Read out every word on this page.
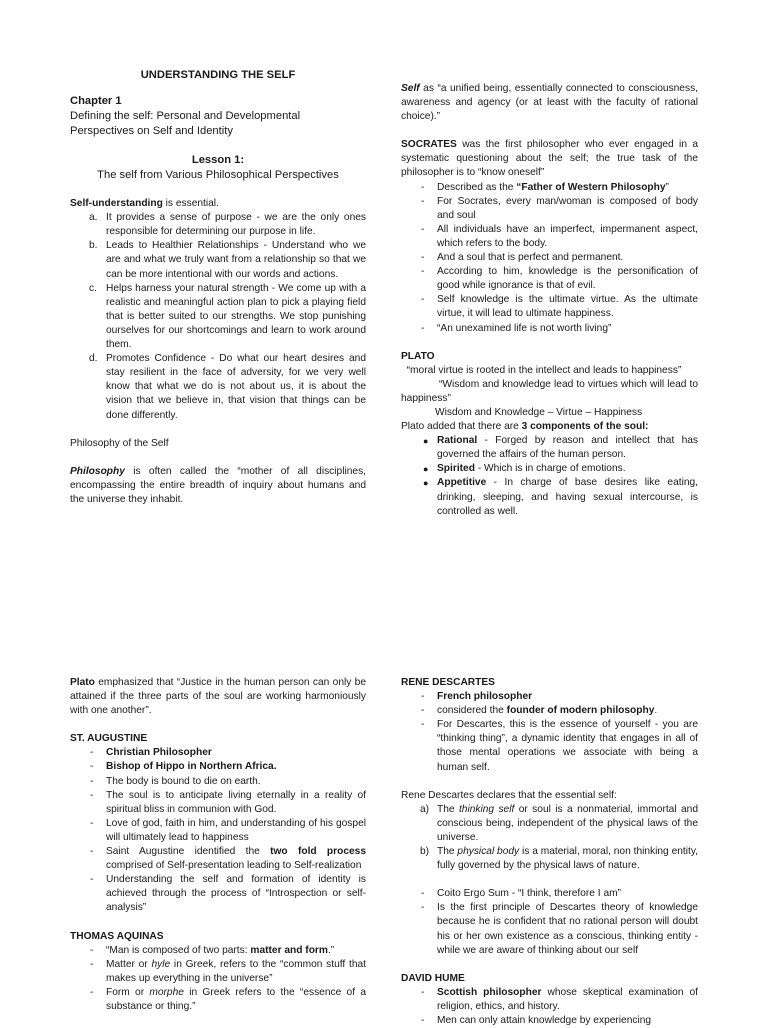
UNDERSTANDING THE SELF

Chapter 1

Defining the self: Personal and Developmental Perspectives on Self and Identity

Lesson 1:

The self from Various Philosophical Perspectives

Self-understanding is essential.

a. It provides a sense of purpose - we are the only ones responsible for determining our purpose in life.
b. Leads to Healthier Relationships - Understand who we are and what we truly want from a relationship so that we can be more intentional with our words and actions.
c. Helps harness your natural strength - We come up with a realistic and meaningful action plan to pick a playing field that is better suited to our strengths. We stop punishing ourselves for our shortcomings and learn to work around them.
d. Promotes Confidence - Do what our heart desires and stay resilient in the face of adversity, for we very well know that what we do is not about us, it is about the vision that we believe in, that vision that things can be done differently.

Philosophy of the Self

Philosophy is often called the “mother of all disciplines, encompassing the entire breadth of inquiry about humans and the universe they inhabit.

Self as “a unified being, essentially connected to consciousness, awareness and agency (or at least with the faculty of rational choice).”

SOCRATES was the first philosopher who ever engaged in a systematic questioning about the self; the true task of the philosopher is to “know oneself”

- Described as the “Father of Western Philosophy”
- For Socrates, every man/woman is composed of body and soul
- All individuals have an imperfect, impermanent aspect, which refers to the body.
- And a soul that is perfect and permanent.
- According to him, knowledge is the personification of good while ignorance is that of evil.
- Self knowledge is the ultimate virtue. As the ultimate virtue, it will lead to ultimate happiness.
- “An unexamined life is not worth living”

PLATO  “moral virtue is rooted in the intellect and leads to happiness”

“Wisdom and knowledge lead to virtues which will lead to happiness”

Wisdom and Knowledge – Virtue – Happiness

Plato added that there are 3 components of the soul:

● Rational - Forged by reason and intellect that has governed the affairs of the human person.
● Spirited - Which is in charge of emotions.
● Appetitive - In charge of base desires like eating, drinking, sleeping, and having sexual intercourse, is controlled as well.

Plato emphasized that “Justice in the human person can only be attained if the three parts of the soul are working harmoniously with one another”.

ST. AUGUSTINE

- Christian Philosopher
- Bishop of Hippo in Northern Africa.
- The body is bound to die on earth.
- The soul is to anticipate living eternally in a reality of spiritual bliss in communion with God.
- Love of god, faith in him, and understanding of his gospel will ultimately lead to happiness
- Saint Augustine identified the two fold process comprised of Self-presentation leading to Self-realization
- Understanding the self and formation of identity is achieved through the process of “Introspection or self-analysis”

THOMAS AQUINAS

- “Man is composed of two parts: matter and form.”
- Matter or hyle in Greek, refers to the “common stuff that makes up everything in the universe”
- Form or morphe in Greek refers to the “essence of a substance or thing.”

RENE DESCARTES

- French philosopher
- considered the founder of modern philosophy.
- For Descartes, this is the essence of yourself - you are “thinking thing”, a dynamic identity that engages in all of those mental operations we associate with being a human self.

Rene Descartes declares that the essential self:

a) The thinking self or soul is a nonmaterial, immortal and conscious being, independent of the physical laws of the universe.
b) The physical body is a material, moral, non thinking entity, fully governed by the physical laws of nature.
- Coito Ergo Sum - “I think, therefore I am”
- Is the first principle of Descartes theory of knowledge because he is confident that no rational person will doubt his or her own existence as a conscious, thinking entity - while we are aware of thinking about our self

DAVID HUME

- Scottish philosopher whose skeptical examination of religion, ethics, and history.
- Men can only attain knowledge by experiencing
